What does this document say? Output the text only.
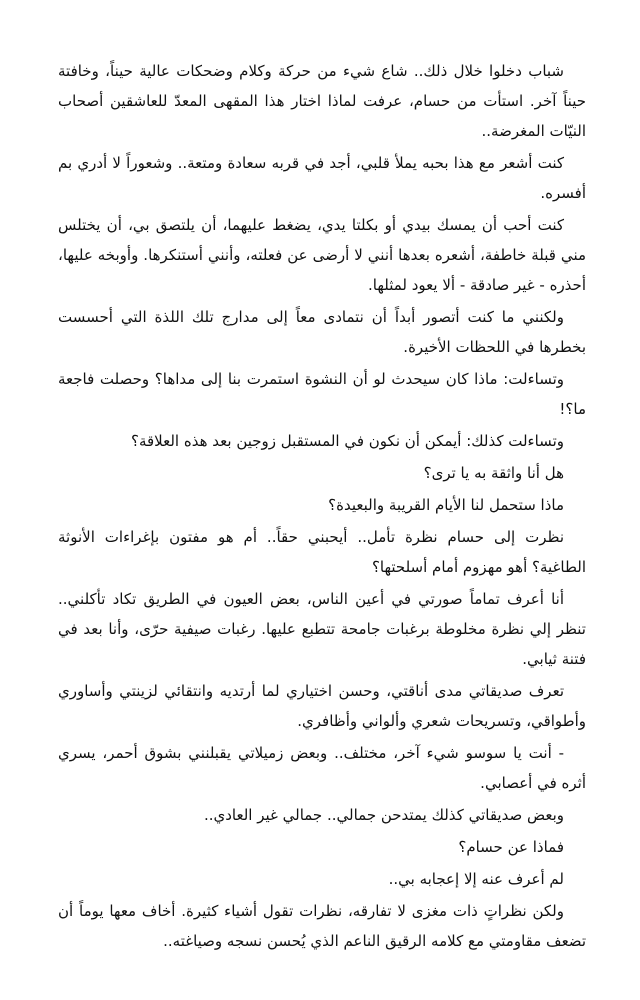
شباب دخلوا خلال ذلك.. شاع شيء من حركة وكلام وضحكات عالية حيناً، وخافتة حيناً آخر. استأت من حسام، عرفت لماذا اختار هذا المقهى المعدّ للعاشقين أصحاب النيّات المغرضة..

كنت أشعر مع هذا بحبه يملأ قلبي، أجد في قربه سعادة ومتعة.. وشعوراً لا أدري بم أفسره.

كنت أحب أن يمسك بيدي أو بكلتا يدي، يضغط عليهما، أن يلتصق بي، أن يختلس مني قبلة خاطفة، أشعره بعدها أنني لا أرضى عن فعلته، وأنني أستنكرها. وأوبخه عليها، أحذره - غير صادقة - ألا يعود لمثلها.

ولكنني ما كنت أتصور أبداً أن نتمادى معاً إلى مدارج تلك اللذة التي أحسست بخطرها في اللحظات الأخيرة.

وتساءلت: ماذا كان سيحدث لو أن النشوة استمرت بنا إلى مداها؟ وحصلت فاجعة ما؟!

وتساءلت كذلك: أيمكن أن نكون في المستقبل زوجين بعد هذه العلاقة؟

هل أنا واثقة به يا ترى؟

ماذا ستحمل لنا الأيام القريبة والبعيدة؟

نظرت إلى حسام نظرة تأمل.. أيحبني حقاً.. أم هو مفتون بإغراءات الأنوثة الطاغية؟ أهو مهزوم أمام أسلحتها؟

أنا أعرف تماماً صورتي في أعين الناس، بعض العيون في الطريق تكاد تأكلني.. تنظر إلي نظرة مخلوطة برغبات جامحة تتطبع عليها. رغبات صيفية حرّى، وأنا بعد في فتنة ثيابي.

تعرف صديقاتي مدى أناقتي، وحسن اختياري لما أرتديه وانتقائي لزينتي وأساوري وأطواقي، وتسريحات شعري وألواني وأظافري.

- أنت يا سوسو شيء آخر، مختلف.. وبعض زميلاتي يقبلنني بشوق أحمر، يسري أثره في أعصابي.

وبعض صديقاتي كذلك يمتدحن جمالي.. جمالي غير العادي..

فماذا عن حسام؟

لم أعرف عنه إلا إعجابه بي..

ولكن نظراتٍ ذات مغزى لا تفارقه، نظرات تقول أشياء كثيرة. أخاف معها يوماً أن تضعف مقاومتي مع كلامه الرقيق الناعم الذي يُحسن نسجه وصياغته..
